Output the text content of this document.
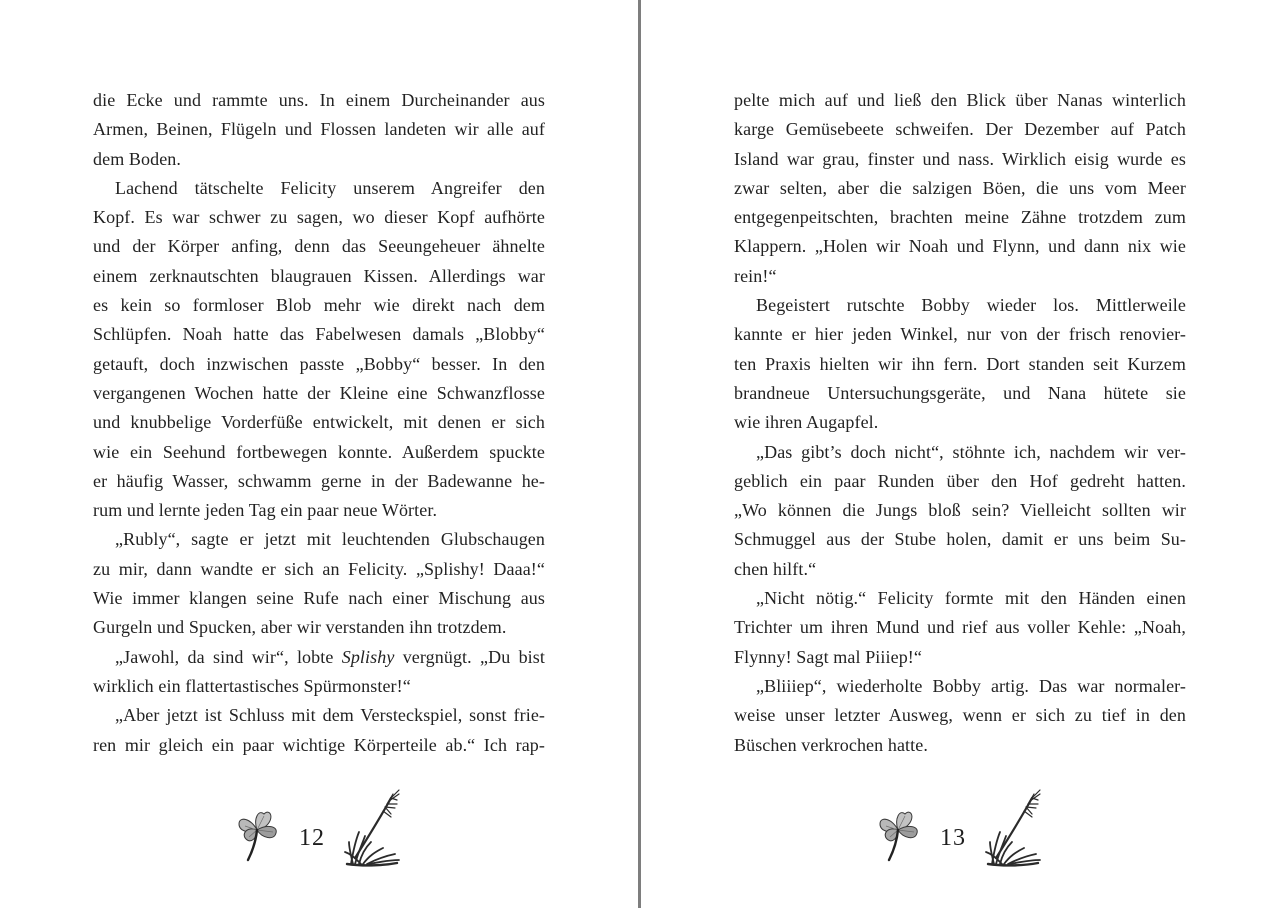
die Ecke und rammte uns. In einem Durcheinander aus
Armen, Beinen, Flügeln und Flossen landeten wir alle auf
dem Boden.
Lachend tätschelte Felicity unserem Angreifer den
Kopf. Es war schwer zu sagen, wo dieser Kopf aufhörte
und der Körper anfing, denn das Seeungeheuer ähnelte
einem zerknautschten blaugrauen Kissen. Allerdings war
es kein so formloser Blob mehr wie direkt nach dem
Schlüpfen. Noah hatte das Fabelwesen damals „Blobby“
getauft, doch inzwischen passte „Bobby“ besser. In den
vergangenen Wochen hatte der Kleine eine Schwanzflosse
und knubbelige Vorderfüße entwickelt, mit denen er sich
wie ein Seehund fortbewegen konnte. Außerdem spuckte
er häufig Wasser, schwamm gerne in der Badewanne he-
rum und lernte jeden Tag ein paar neue Wörter.
„Rubly“, sagte er jetzt mit leuchtenden Glubschaugen
zu mir, dann wandte er sich an Felicity. „Splishy! Daaa!“
Wie immer klangen seine Rufe nach einer Mischung aus
Gurgeln und Spucken, aber wir verstanden ihn trotzdem.
„Jawohl, da sind wir“, lobte Splishy vergnügt. „Du bist
wirklich ein flattertastisches Spürmonster!“
„Aber jetzt ist Schluss mit dem Versteckspiel, sonst frie-
ren mir gleich ein paar wichtige Körperteile ab.“ Ich rap-
12
pelte mich auf und ließ den Blick über Nanas winterlich
karge Gemüsebeete schweifen. Der Dezember auf Patch
Island war grau, finster und nass. Wirklich eisig wurde es
zwar selten, aber die salzigen Böen, die uns vom Meer
entgegenpeitschten, brachten meine Zähne trotzdem zum
Klappern. „Holen wir Noah und Flynn, und dann nix wie
rein!“
Begeistert rutschte Bobby wieder los. Mittlerweile
kannte er hier jeden Winkel, nur von der frisch renovier-
ten Praxis hielten wir ihn fern. Dort standen seit Kurzem
brandneue Untersuchungsgeräte, und Nana hütete sie
wie ihren Augapfel.
„Das gibt’s doch nicht“, stöhnte ich, nachdem wir ver-
geblich ein paar Runden über den Hof gedreht hatten.
„Wo können die Jungs bloß sein? Vielleicht sollten wir
Schmuggel aus der Stube holen, damit er uns beim Su-
chen hilft.“
„Nicht nötig.“ Felicity formte mit den Händen einen
Trichter um ihren Mund und rief aus voller Kehle: „Noah,
Flynny! Sagt mal Piiiep!“
„Bliiiep“, wiederholte Bobby artig. Das war normaler-
weise unser letzter Ausweg, wenn er sich zu tief in den
Büschen verkrochen hatte.
13
